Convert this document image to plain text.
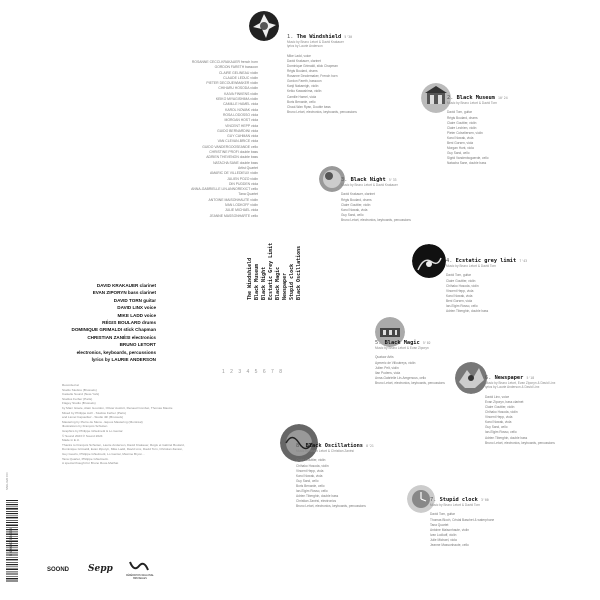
ROSANNE CECCI-KRAKAUER french horn
GORDON FARETH bassoon
CLAIRE GELINEAU violin
CLAUDE LEDUC violin
PIETER DECOUEWMAKER violin
CHIHARU HOSODA violin
KAIVA FINKENS violin
KEIKO MIYAGISHIMA violin
CAMILLE HAMEL viola
KAROL NOWAK viola
ROSA LODOSSO viola
MORGAN HOST viola
VINCENT HEPP viola
GUIDO BERNARDINI viola
GUY CAHMAN viola
VAN CLEVAN-BRICE viola
GUIDO VANDERGOOSEANDE cello
CHRISTINE PROFI double bass
ADRIEN THEVENON double bass
NATACHA SANE double bass
Artist Quartet
AMARIC DE VILLEDIEUX violin
JULIEN POZO violin
DIN PUDDEN viola
ANNA-GABRIELLE LIN-ANNOREXICT cello
Tana Quartet
ANTOINE MAISONHAUTE violin
IVAN LODKOFF violin
JULIE MICHAEL viola
JEANNE MASSONHARTE cello
DAVID KRAKAUER clarinet
EVAN ZIPORYN bass clarinet
DAVID TORN guitar
DAVID LINX voice
MIKE LADD voice
RÉGIS BOULARD drums
DOMINIQUE GRIMALDI stick Chapman
CHRISTIAN ZANÉSI electronics
BRUNO LETORT
electronics, keyboards, percussions
lyrics by LAURIE ANDERSON
The Windshield Black Museum Black Night Ecstatic Grey Limit Black Magic Newspaper Stupid clock Black Oscillations
1 2 3 4 5 6 7 8
1. The Windshield 5'30
Music by Bruno Letort & David Krakauer
lyrics by Laurie Anderson
Mike Ladd, voice
David Krakauer, clarinet
Dominique Grimaldi, stick Chapman
Régis Boulard, drums
Rosanne Decdemaker, French horn
Gordon Fareth, bassoon
Kanji Nakamigh, violin
Keiko Kawashima, violin
Camille Hamel, viola
Boris Benarde, cello
Chaul-Wan Ryan, Double bass
Bruno Letort, electronics, keyboards, percussions
2. Black Museum 10'24
Music by Bruno Letort & David Torn
David Torn, guitar
Régis Boulard, drums
Claire Gouttier, violin
Claire Lechien, violin
Pieter Colseliersen, violin
Karol Nowak, viola
Beni Gorsen, viola
Morgan Hunt, viola
Guy Sand, cello
Sigrid Vandenbogaerde, cello
Natacha Sane, double bass
3. Black Night 5'33
Music by Bruno Letort & David Krakauer
David Krakauer, clarinet
Régis Boulard, drums
Claire Gouttier, violin
Karol Nowak, viola
Guy Sand, cello
Bruno Letort, electronics, keyboards, percussions
4. Ecstatic grey limit 7'43
Music by Bruno Letort & David Torn
David Torn, guitar
Claire Gouttier, violin
Chihako Hosoda, violin
Vincent Hepp, viola
Karol Nowak, viola
Beni Gorsen, viola
Ian-Elgim Rosso, cello
Adrien Tiberghin, double bass
5. Black Magic 5'02
Music by Bruno Letort & Evan Ziporyn
Quatuor Artis
Aymeric de Villoutreys, violin
Julien Pelt, violin
Ilan Pudens, viola
Anna-Gabrielle Lin-Amgenous, cello
Bruno Letort, electronics, keyboards, percussions
6. Newspaper 5'18
Music by Bruno Letort, Evan Ziporyn & David Linx
lyrics by Laurie Anderson & David Linx
David Linx, voice
Evan Ziporyn, bass clarinet
Claire Gouttier, violin
Chihako Hosoda, violin
Vincent Hepp, viola
Karol Nowak, viola
Guy Sand, cello
Ian-Elgim Rosso, cello
Adrien Tiberghin, double bass
Bruno Letort, electronics, keyboards, percussions
7. Stupid clock 3'00
Music by Bruno Letort & David Torn
David Torn, guitar
Thomas Bloch, Cristal Baschet & waterphone
Tana Quartet
Antoine Maisonhaute, violin
Ivan Lodkoff, violin
Julie Michael, viola
Jeanne Massonhaute, cello
8. Black Oscillations 8'21
Music by Bruno Letort & Christian Zanési
Claire Gouttier, violin
Chihako Hosoda, violin
Vincent Hepp, viola
Karol Nowak, viola
Guy Sand, cello
Boris Benarde, cello
Ian-Elgim Rosso, cello
Adrien Tiberghin, double bass
Christian Zanési, electronics
Bruno Letort, electronics, keyboards, percussions
Recorded at
Studio Studios (Brussels)
Castelle Sound (New-York)
Studios Ferber (Paris)
Flagey Studio (Brussels)
by Marc Gisele, Alain Gourdon, Olivier Ausfort, Renaud Combet, Thomas Mautre
Mixed by Philippe Avril - Studios Ferber (Paris)
and Lionel Capouillez - Studio 4th (Brussels)
Mastering by Pierre de Mena - Equus Mastering (Montréal)
Illustrations by François Schuiten
Graphics by Philippe Ghielmetti & Lo Gentar
© Sound 2023 ℗ Sound 2024
Made in E.U.
Thanks to François Schuiten, Laurie Anderson, David Krakauer, Régis et Gabriel Boulard,
Dominique Grimaldi, Evan Ziporyn, Mike Ladd, David Linx, David Torn, Christian Zanési,
Guy Geurts, Philippe Ghielmetti, Lo Gentar, Maxime Bryon...
Tana Quartet, Philippe Ghielmetti..
A special thought for Bruno Roos-Meilhat
SNG 020 CD
5 400863 084660
SOOND Sepp
FÉDÉRATION WALLONIE-BRUXELLES
